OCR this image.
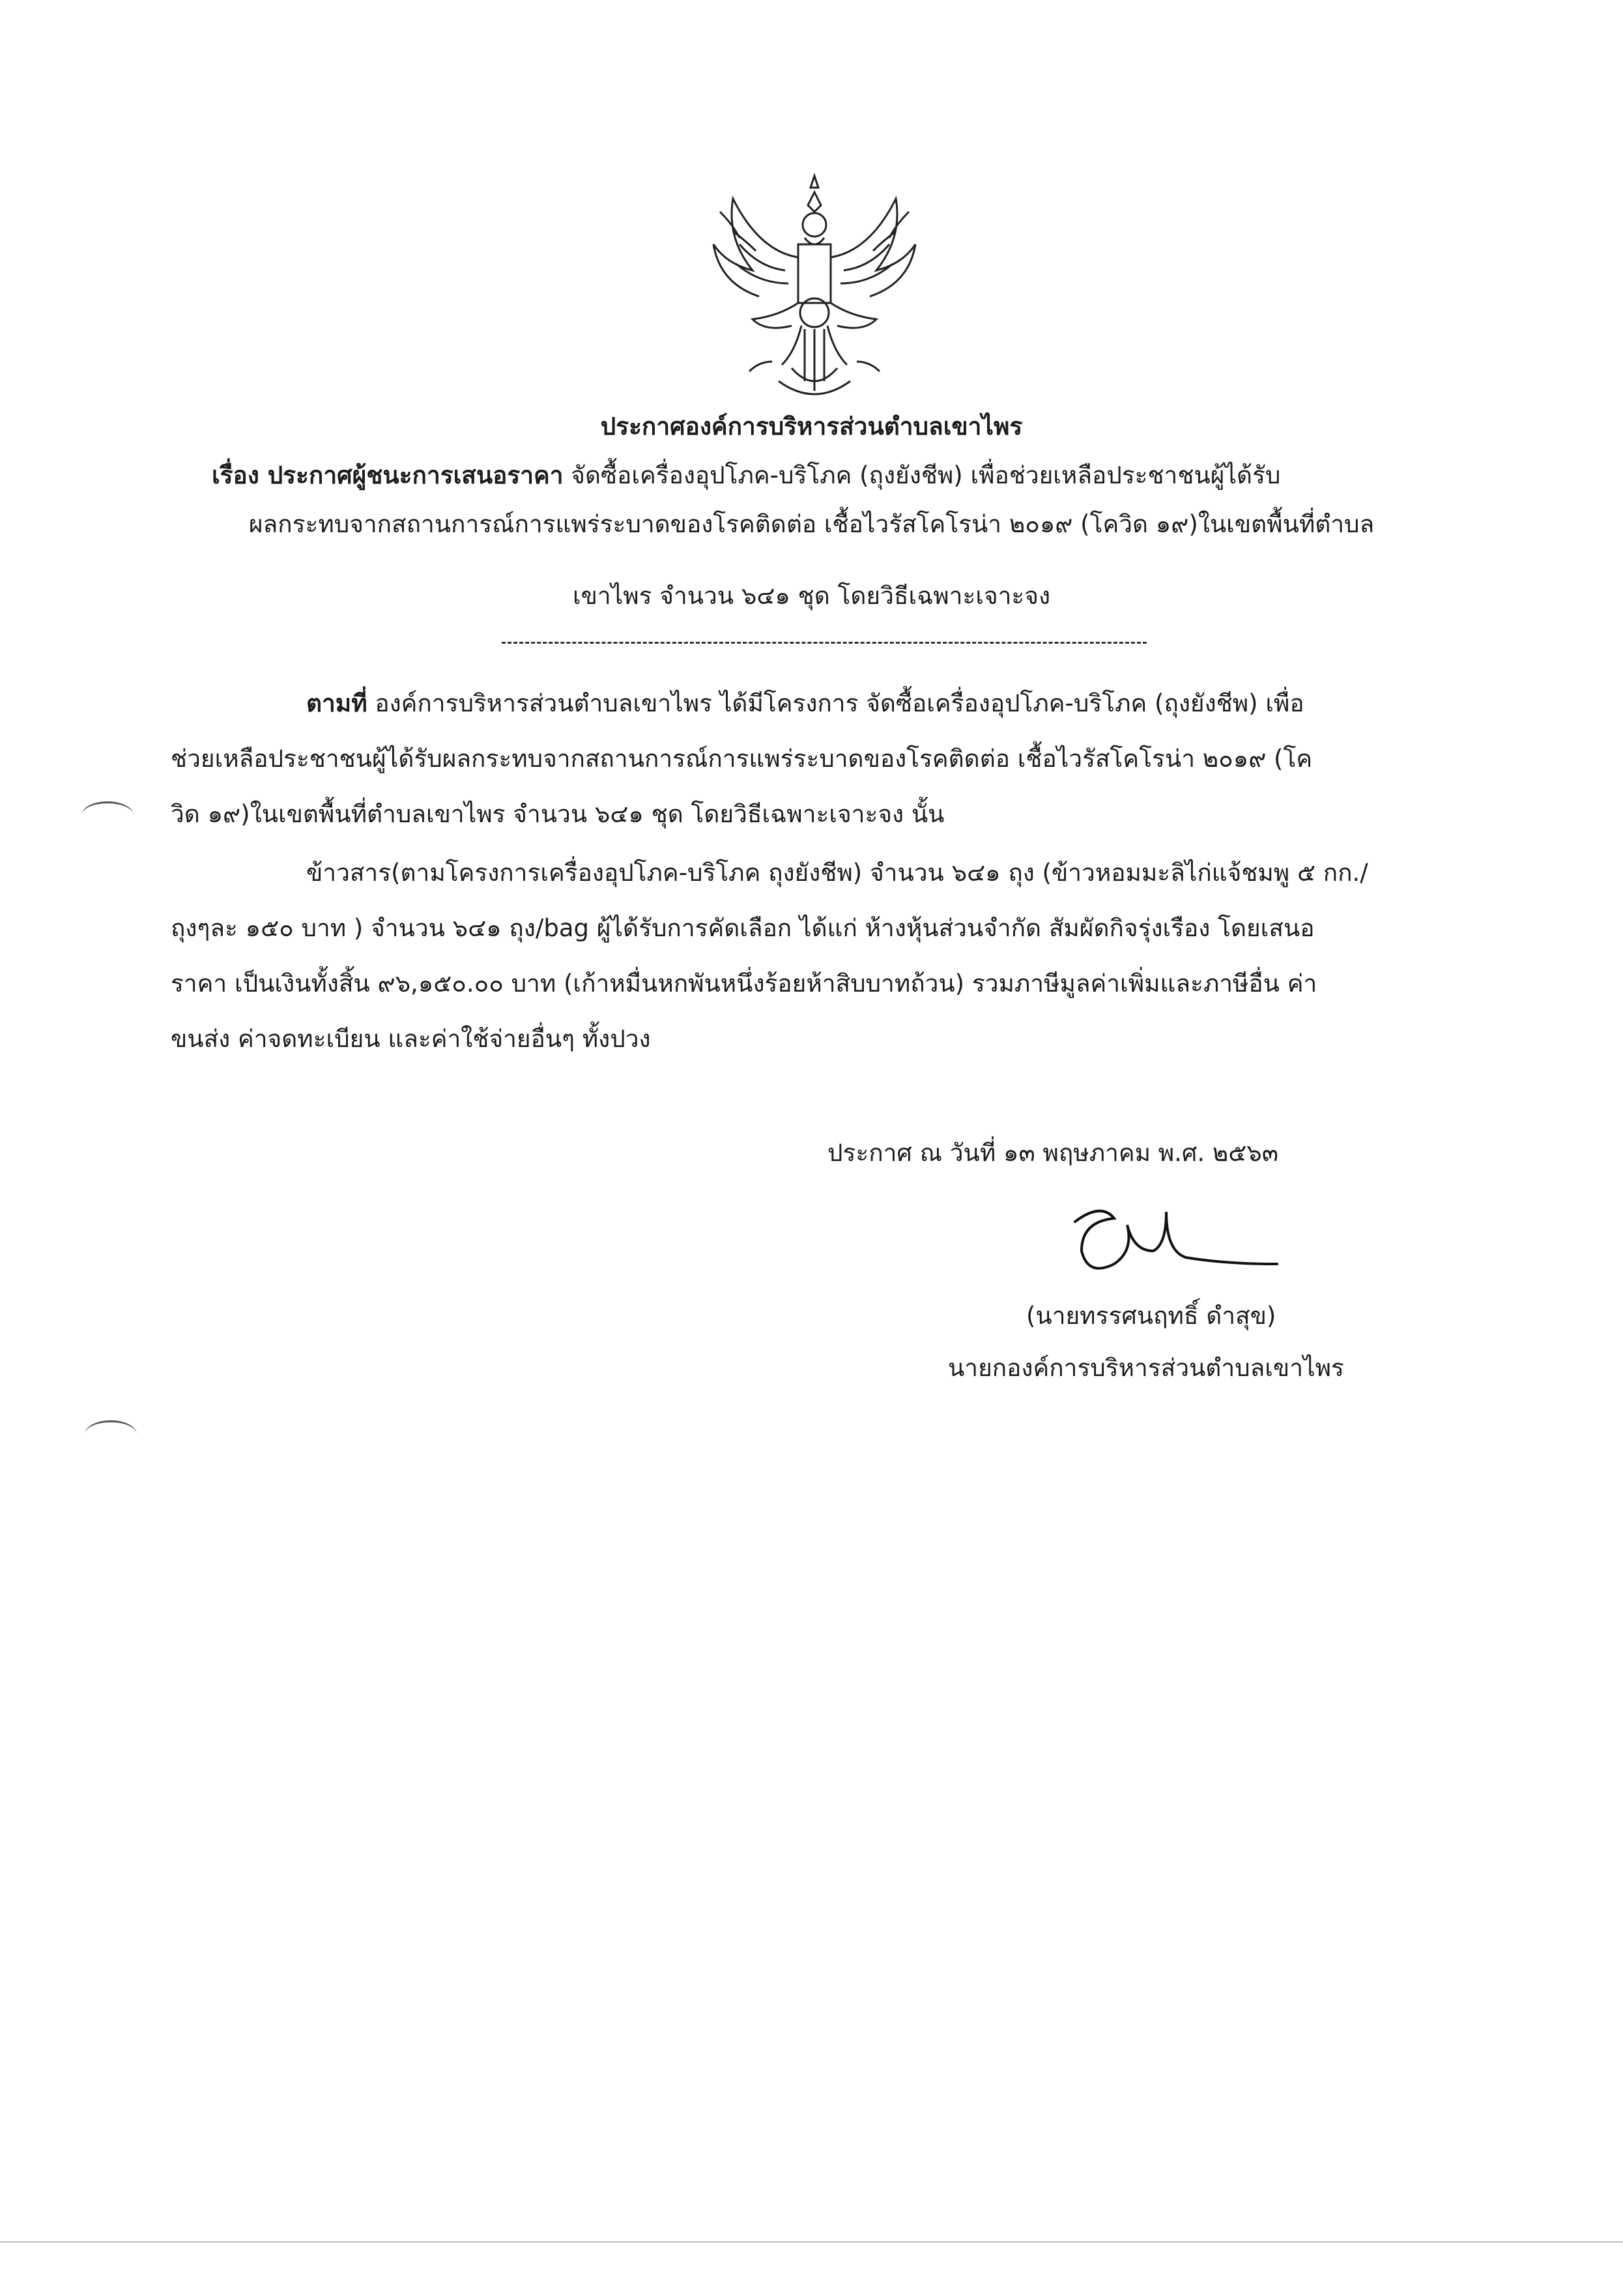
ประกาศองค์การบริหารส่วนตำบลเขาไพร
เรื่อง ประกาศผู้ชนะการเสนอราคา จัดซื้อเครื่องอุปโภค-บริโภค (ถุงยังชีพ) เพื่อช่วยเหลือประชาชนผู้ได้รับ
ผลกระทบจากสถานการณ์การแพร่ระบาดของโรคติดต่อ เชื้อไวรัสโคโรน่า ๒๐๑๙ (โควิด ๑๙)ในเขตพื้นที่ตำบล
เขาไพร จำนวน ๖๔๑ ชุด โดยวิธีเฉพาะเจาะจง
ตามที่ องค์การบริหารส่วนตำบลเขาไพร ได้มีโครงการ จัดซื้อเครื่องอุปโภค-บริโภค (ถุงยังชีพ) เพื่อ
ช่วยเหลือประชาชนผู้ได้รับผลกระทบจากสถานการณ์การแพร่ระบาดของโรคติดต่อ เชื้อไวรัสโคโรน่า ๒๐๑๙ (โค
วิด ๑๙)ในเขตพื้นที่ตำบลเขาไพร จำนวน ๖๔๑ ชุด โดยวิธีเฉพาะเจาะจง นั้น
ข้าวสาร(ตามโครงการเครื่องอุปโภค-บริโภค ถุงยังชีพ) จำนวน ๖๔๑ ถุง (ข้าวหอมมะลิไก่แจ้ชมพู ๕ กก./
ถุงๆละ ๑๕๐ บาท ) จำนวน ๖๔๑ ถุง/bag ผู้ได้รับการคัดเลือก ได้แก่ ห้างหุ้นส่วนจำกัด สัมผัดกิจรุ่งเรือง โดยเสนอ
ราคา เป็นเงินทั้งสิ้น ๙๖,๑๕๐.๐๐ บาท (เก้าหมื่นหกพันหนึ่งร้อยห้าสิบบาทถ้วน) รวมภาษีมูลค่าเพิ่มและภาษีอื่น ค่า
ขนส่ง ค่าจดทะเบียน และค่าใช้จ่ายอื่นๆ ทั้งปวง
ประกาศ ณ วันที่ ๑๓ พฤษภาคม พ.ศ. ๒๕๖๓
(นายทรรศนฤทธิ์ ดำสุข)
นายกองค์การบริหารส่วนตำบลเขาไพร
